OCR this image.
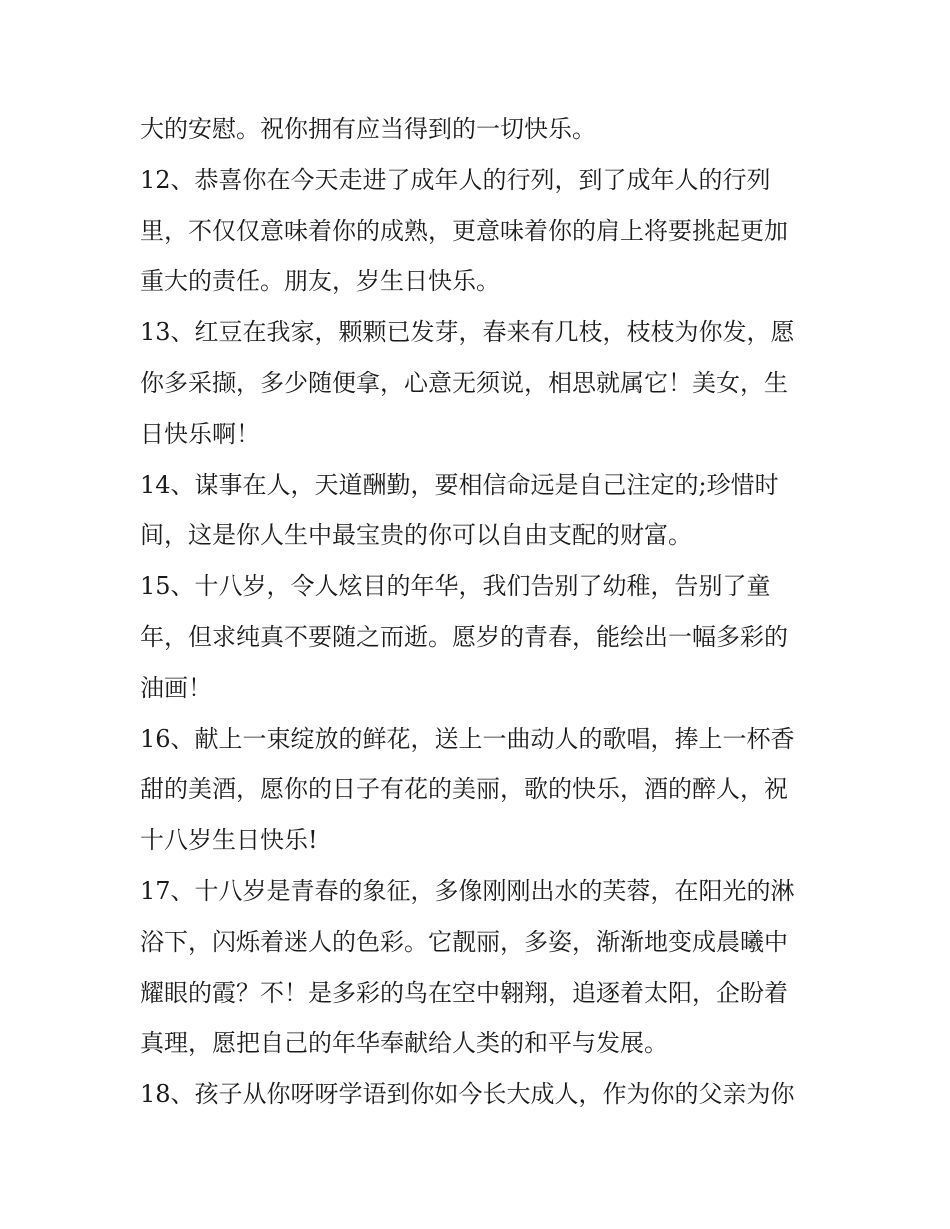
大的安慰。祝你拥有应当得到的一切快乐。
12、恭喜你在今天走进了成年人的行列，到了成年人的行列
里，不仅仅意味着你的成熟，更意味着你的肩上将要挑起更加
重大的责任。朋友，岁生日快乐。
13、红豆在我家，颗颗已发芽，春来有几枝，枝枝为你发，愿
你多采撷，多少随便拿，心意无须说，相思就属它！美女，生
日快乐啊！
14、谋事在人，天道酬勤，要相信命远是自己注定的;珍惜时
间，这是你人生中最宝贵的你可以自由支配的财富。
15、十八岁，令人炫目的年华，我们告别了幼稚，告别了童
年，但求纯真不要随之而逝。愿岁的青春，能绘出一幅多彩的
油画！
16、献上一束绽放的鲜花，送上一曲动人的歌唱，捧上一杯香
甜的美酒，愿你的日子有花的美丽，歌的快乐，酒的醉人，祝
十八岁生日快乐!
17、十八岁是青春的象征，多像刚刚出水的芙蓉，在阳光的淋
浴下，闪烁着迷人的色彩。它靓丽，多姿，渐渐地变成晨曦中
耀眼的霞？不！是多彩的鸟在空中翱翔，追逐着太阳，企盼着
真理，愿把自己的年华奉献给人类的和平与发展。
18、孩子从你呀呀学语到你如今长大成人，作为你的父亲为你
